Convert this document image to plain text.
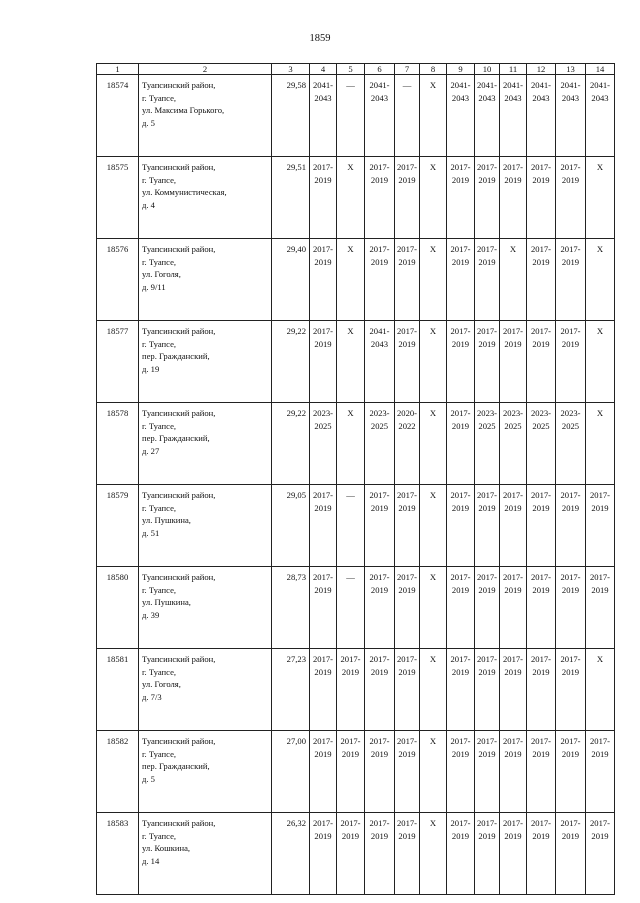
1859
1	2	3	4	5	6	7	8	9	10	11	12	13	14
18574	Туапсинский район,
г. Туапсе,
ул. Максима Горького,
д. 5	29,58	2041-
2043	—	2041-
2043	—	X	2041-
2043	2041-
2043	2041-
2043	2041-
2043	2041-
2043	2041-
2043

18575	Туапсинский район,
г. Туапсе,
ул. Коммунистическая,
д. 4	29,51	2017-
2019	X	2017-
2019	2017-
2019	X	2017-
2019	2017-
2019	2017-
2019	2017-
2019	2017-
2019	X

18576	Туапсинский район,
г. Туапсе,
ул. Гоголя,
д. 9/11	29,40	2017-
2019	X	2017-
2019	2017-
2019	X	2017-
2019	2017-
2019	X	2017-
2019	2017-
2019	X

18577	Туапсинский район,
г. Туапсе,
пер. Гражданский,
д. 19	29,22	2017-
2019	X	2041-
2043	2017-
2019	X	2017-
2019	2017-
2019	2017-
2019	2017-
2019	2017-
2019	X

18578	Туапсинский район,
г. Туапсе,
пер. Гражданский,
д. 27	29,22	2023-
2025	X	2023-
2025	2020-
2022	X	2017-
2019	2023-
2025	2023-
2025	2023-
2025	2023-
2025	X

18579	Туапсинский район,
г. Туапсе,
ул. Пушкина,
д. 51	29,05	2017-
2019	—	2017-
2019	2017-
2019	X	2017-
2019	2017-
2019	2017-
2019	2017-
2019	2017-
2019	2017-
2019

18580	Туапсинский район,
г. Туапсе,
ул. Пушкина,
д. 39	28,73	2017-
2019	—	2017-
2019	2017-
2019	X	2017-
2019	2017-
2019	2017-
2019	2017-
2019	2017-
2019	2017-
2019

18581	Туапсинский район,
г. Туапсе,
ул. Гоголя,
д. 7/3	27,23	2017-
2019	2017-
2019	2017-
2019	2017-
2019	X	2017-
2019	2017-
2019	2017-
2019	2017-
2019	2017-
2019	X

18582	Туапсинский район,
г. Туапсе,
пер. Гражданский,
д. 5	27,00	2017-
2019	2017-
2019	2017-
2019	2017-
2019	X	2017-
2019	2017-
2019	2017-
2019	2017-
2019	2017-
2019	2017-
2019

18583	Туапсинский район,
г. Туапсе,
ул. Кошкина,
д. 14	26,32	2017-
2019	2017-
2019	2017-
2019	2017-
2019	X	2017-
2019	2017-
2019	2017-
2019	2017-
2019	2017-
2019	2017-
2019
